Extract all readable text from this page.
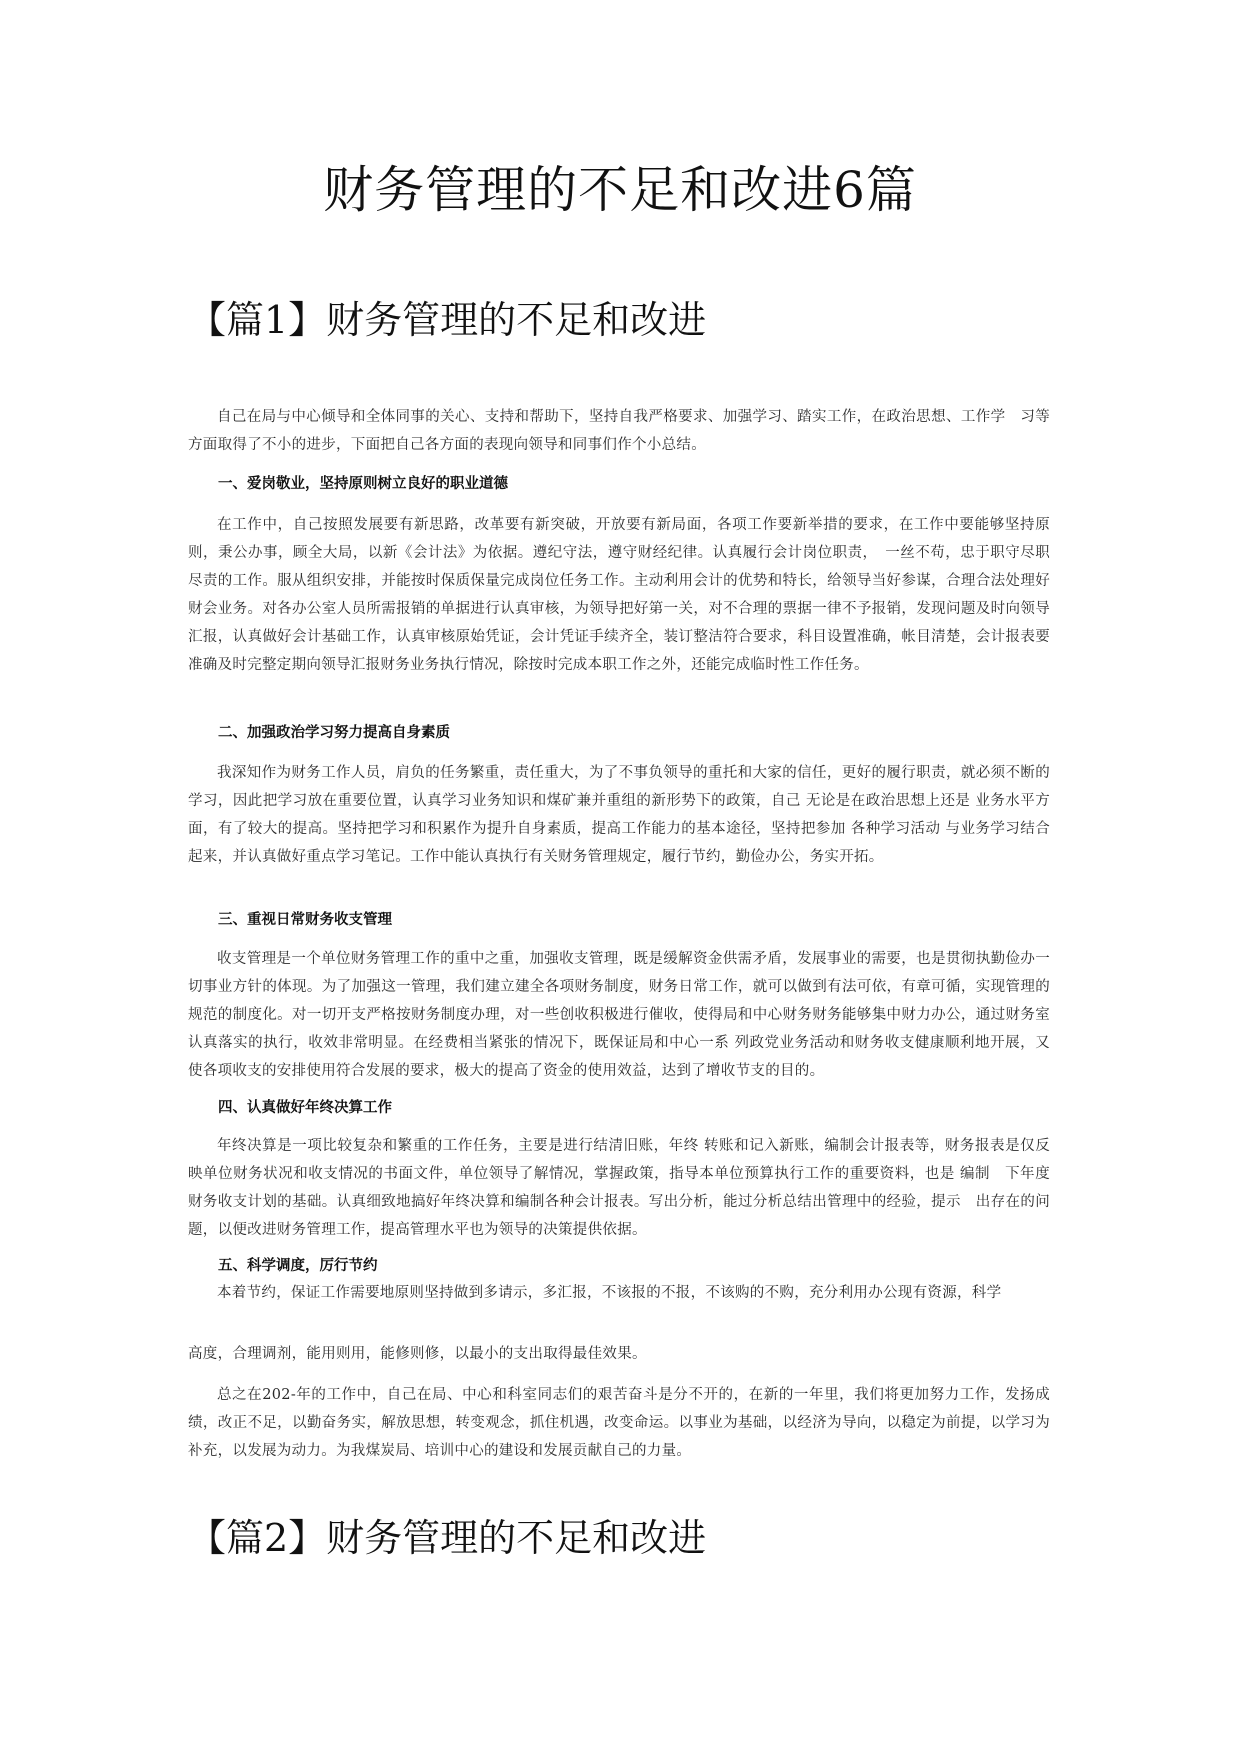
财务管理的不足和改进6篇
【篇1】财务管理的不足和改进

自己在局与中心倾导和全体同事的关心、支持和帮助下，坚持自我严格要求、加强学习、踏实工作，在政治思想、工作学　习等方面取得了不小的进步，下面把自己各方面的表现向领导和同事们作个小总结。

一、爱岗敬业，坚持原则树立良好的职业道德

在工作中，自己按照发展要有新思路，改革要有新突破，开放要有新局面，各项工作要新举措的要求，在工作中要能够坚持原则，秉公办事，顾全大局，以新《会计法》为依据。遵纪守法，遵守财经纪律。认真履行会计岗位职责，　一丝不苟，忠于职守尽职尽责的工作。服从组织安排，并能按时保质保量完成岗位任务工作。主动利用会计的优势和特长，给领导当好参谋，合理合法处理好财会业务。对各办公室人员所需报销的单据进行认真审核，为领导把好第一关，对不合理的票据一律不予报销，发现问题及时向领导汇报，认真做好会计基础工作，认真审核原始凭证，会计凭证手续齐全，装订整洁符合要求，科目设置准确，帐目清楚，会计报表要准确及时完整定期向领导汇报财务业务执行情况，除按时完成本职工作之外，还能完成临时性工作任务。

二、加强政治学习努力提高自身素质

我深知作为财务工作人员，肩负的任务繁重，责任重大，为了不事负领导的重托和大家的信任，更好的履行职责，就必须不断的学习，因此把学习放在重要位置，认真学习业务知识和煤矿兼并重组的新形势下的政策，自己 无论是在政治思想上还是 业务水平方面，有了较大的提高。坚持把学习和积累作为提升自身素质，提高工作能力的基本途径，坚持把参加 各种学习活动 与业务学习结合起来，并认真做好重点学习笔记。工作中能认真执行有关财务管理规定，履行节约，勤俭办公，务实开拓。

三、重视日常财务收支管理

收支管理是一个单位财务管理工作的重中之重，加强收支管理，既是缓解资金供需矛盾，发展事业的需要，也是贯彻执勤俭办一切事业方针的体现。为了加强这一管理，我们建立建全各项财务制度，财务日常工作，就可以做到有法可依，有章可循，实现管理的规范的制度化。对一切开支严格按财务制度办理，对一些创收积极进行催收，使得局和中心财务财务能够集中财力办公，通过财务室认真落实的执行，收效非常明显。在经费相当紧张的情况下，既保证局和中心一系 列政党业务活动和财务收支健康顺利地开展，又使各项收支的安排使用符合发展的要求，极大的提高了资金的使用效益，达到了增收节支的目的。

四、认真做好年终决算工作

年终决算是一项比较复杂和繁重的工作任务，主要是进行结清旧账，年终 转账和记入新账，编制会计报表等，财务报表是仅反映单位财务状况和收支情况的书面文件，单位领导了解情况，掌握政策，指导本单位预算执行工作的重要资料，也是 编制　下年度财务收支计划的基础。认真细致地搞好年终决算和编制各种会计报表。写出分析，能过分析总结出管理中的经验，提示　出存在的问题，以便改进财务管理工作，提高管理水平也为领导的决策提供依据。

五、科学调度，厉行节约

本着节约，保证工作需要地原则坚持做到多请示，多汇报，不该报的不报，不该购的不购，充分利用办公现有资源，科学

高度，合理调剂，能用则用，能修则修，以最小的支出取得最佳效果。

总之在202-年的工作中，自己在局、中心和科室同志们的艰苦奋斗是分不开的，在新的一年里，我们将更加努力工作，发扬成绩，改正不足，以勤奋务实，解放思想，转变观念，抓住机遇，改变命运。以事业为基础，以经济为导向，以稳定为前提，以学习为补充，以发展为动力。为我煤炭局、培训中心的建设和发展贡献自己的力量。

【篇2】财务管理的不足和改进
